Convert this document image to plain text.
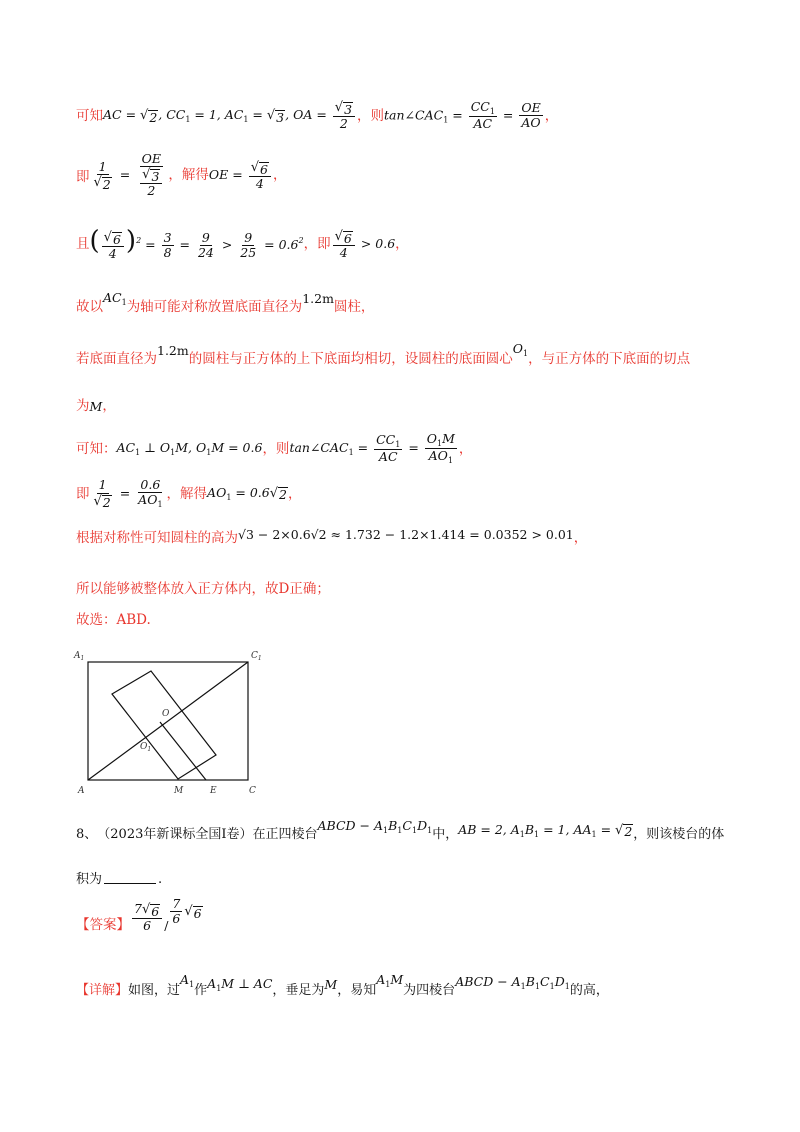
可知 AC = √ 2 , $CC_1 = 1$, $AC_1$ = √ 3 , OA = $\frac{√ 3}{2}$ ， 则 $\tan\angle CAC_1 = \frac{CC_1}{AC} = \frac{OE}{AO}$ ，
即 $\frac{1}{√ 2} = \frac{OE}{\frac{√ 3}{2}}$ ，解得 OE = $\frac{√ 6}{4}$ ，
且 ( $\frac{√ 6}{4} )^2 = \frac{3}{8} = \frac{9}{24} > \frac{9}{25} = 0.6^2$ ，即 $\frac{√ 6}{4} > 0.6$ ，
故以
$AC_1$ 为轴可能对称放置底面直径为 1.2m 圆柱，
若底面直径为 1.2m 的圆柱与正方体的上下底面均相切，设圆柱的底面圆心
$O_1$ ，与正方体的下底面的切点
为 M ，
可知： $AC_1$ ⊥ $O_1M$, $O_1M = 0.6$ ，则 $\tan\angle CAC_1 = \frac{CC_1}{AC} = \frac{O_1M}{AO_1}$ ，
即 $\frac{1}{√ 2} = \frac{0.6}{AO_1}$ ，解得 $AO_1 = 0.6$ √ 2 ，
根据对称性可知圆柱的高为 √3 − 2×0.6√2 ≈ 1.732 − 1.2×1.414 = 0.0352 > 0.01 ，
所以能够被整体放入正方体内，故D正确；
故选：ABD.
$A_1$	$C_1$
O
$O_1$
A	M	E	C
8、 （2023年新课标全国Ⅰ卷） 在正四棱台
ABCD − $A_1B_1C_1D_1$ 中， AB = 2, $A_1B_1 = 1$, $AA_1$ = √ 2 ，则该棱台的体
积为	.
【答案】 $\frac{7 √ 6}{6} / \frac{7}{6}$ √ 6
【详解】 如图，过
$A_1$ 作 $A_1M$ ⊥ AC ，垂足为 M ，易知
$A_1M$
为四棱台
ABCD − $A_1B_1C_1D_1$ 的高，
